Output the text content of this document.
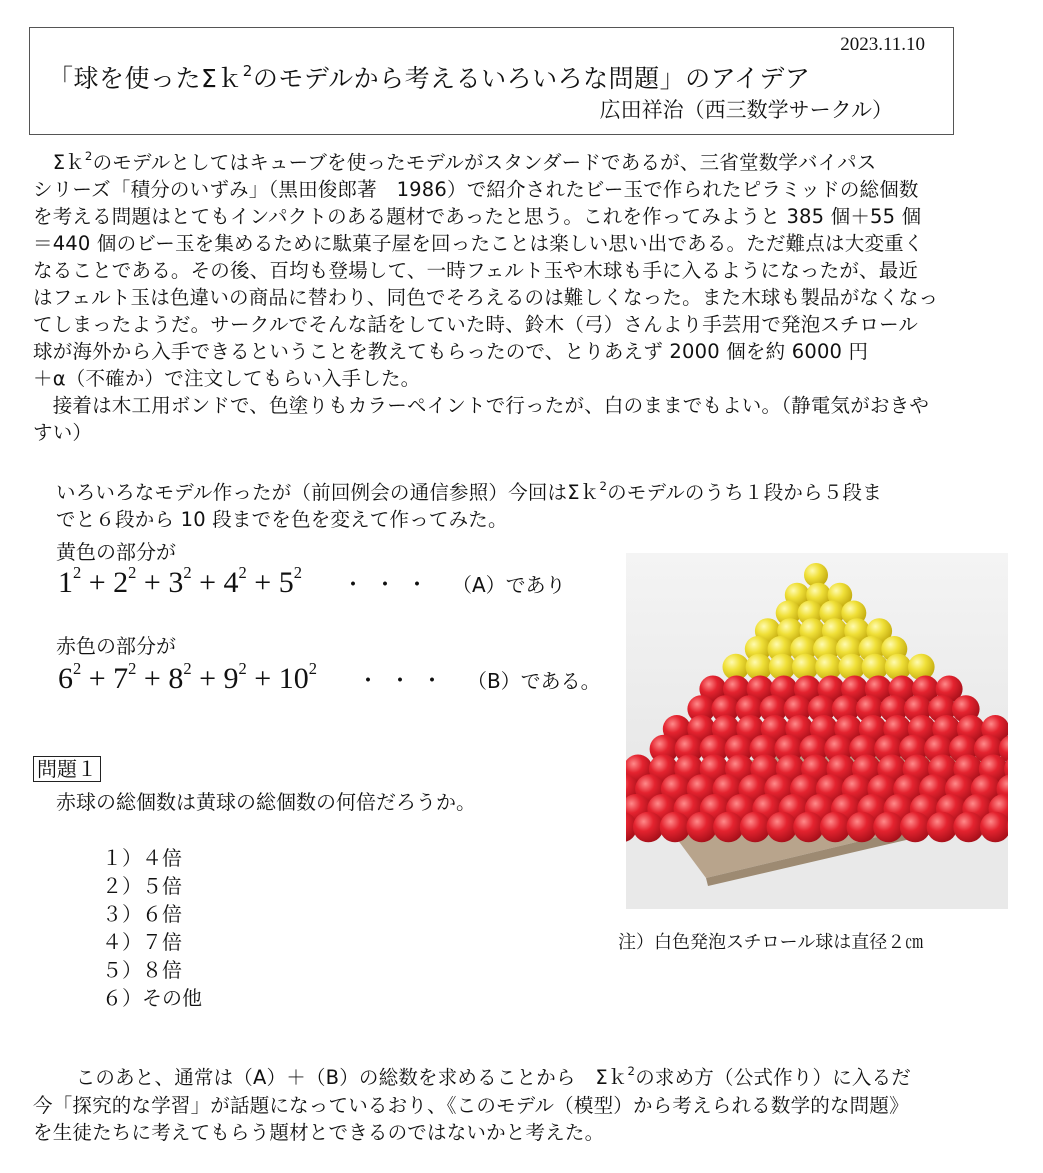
2023.11.10
「球を使ったΣｋ$^2$のモデルから考えるいろいろな問題」のアイデア
広田祥治（西三数学サークル）
　Σｋ$^2$のモデルとしてはキューブを使ったモデルがスタンダードであるが、三省堂数学バイパス
シリーズ「積分のいずみ」（黒田俊郎著　1986）で紹介されたビー玉で作られたピラミッドの総個数
を考える問題はとてもインパクトのある題材であったと思う。これを作ってみようと 385 個＋55 個
＝440 個のビー玉を集めるために駄菓子屋を回ったことは楽しい思い出である。ただ難点は大変重く
なることである。その後、百均も登場して、一時フェルト玉や木球も手に入るようになったが、最近
はフェルト玉は色違いの商品に替わり、同色でそろえるのは難しくなった。また木球も製品がなくなっ
てしまったようだ。サークルでそんな話をしていた時、鈴木（弓）さんより手芸用で発泡スチロール
球が海外から入手できるということを教えてもらったので、とりあえず 2000 個を約 6000 円
＋α（不確か）で注文してもらい入手した。
　接着は木工用ボンドで、色塗りもカラーペイントで行ったが、白のままでもよい。（静電気がおきや
すい）
いろいろなモデル作ったが（前回例会の通信参照）今回はΣｋ$^2$のモデルのうち１段から５段ま
でと６段から 10 段までを色を変えて作ってみた。
黄色の部分が
$1^2 + 2^2 + 3^2 + 4^2 + 5^2$ ・・・ （A）であり
赤色の部分が
$6^2 + 7^2 + 8^2 + 9^2 + 10^2$ ・・・ （B）である。
問題１
赤球の総個数は黄球の総個数の何倍だろうか。
１）４倍
２）５倍
３）６倍
４）７倍
５）８倍
６）その他
注）白色発泡スチロール球は直径２㎝
　このあと、通常は（A）＋（B）の総数を求めることから　Σｋ$^2$の求め方（公式作り）に入るだ
今「探究的な学習」が話題になっているおり、《このモデル（模型）から考えられる数学的な問題》
を生徒たちに考えてもらう題材とできるのではないかと考えた。
